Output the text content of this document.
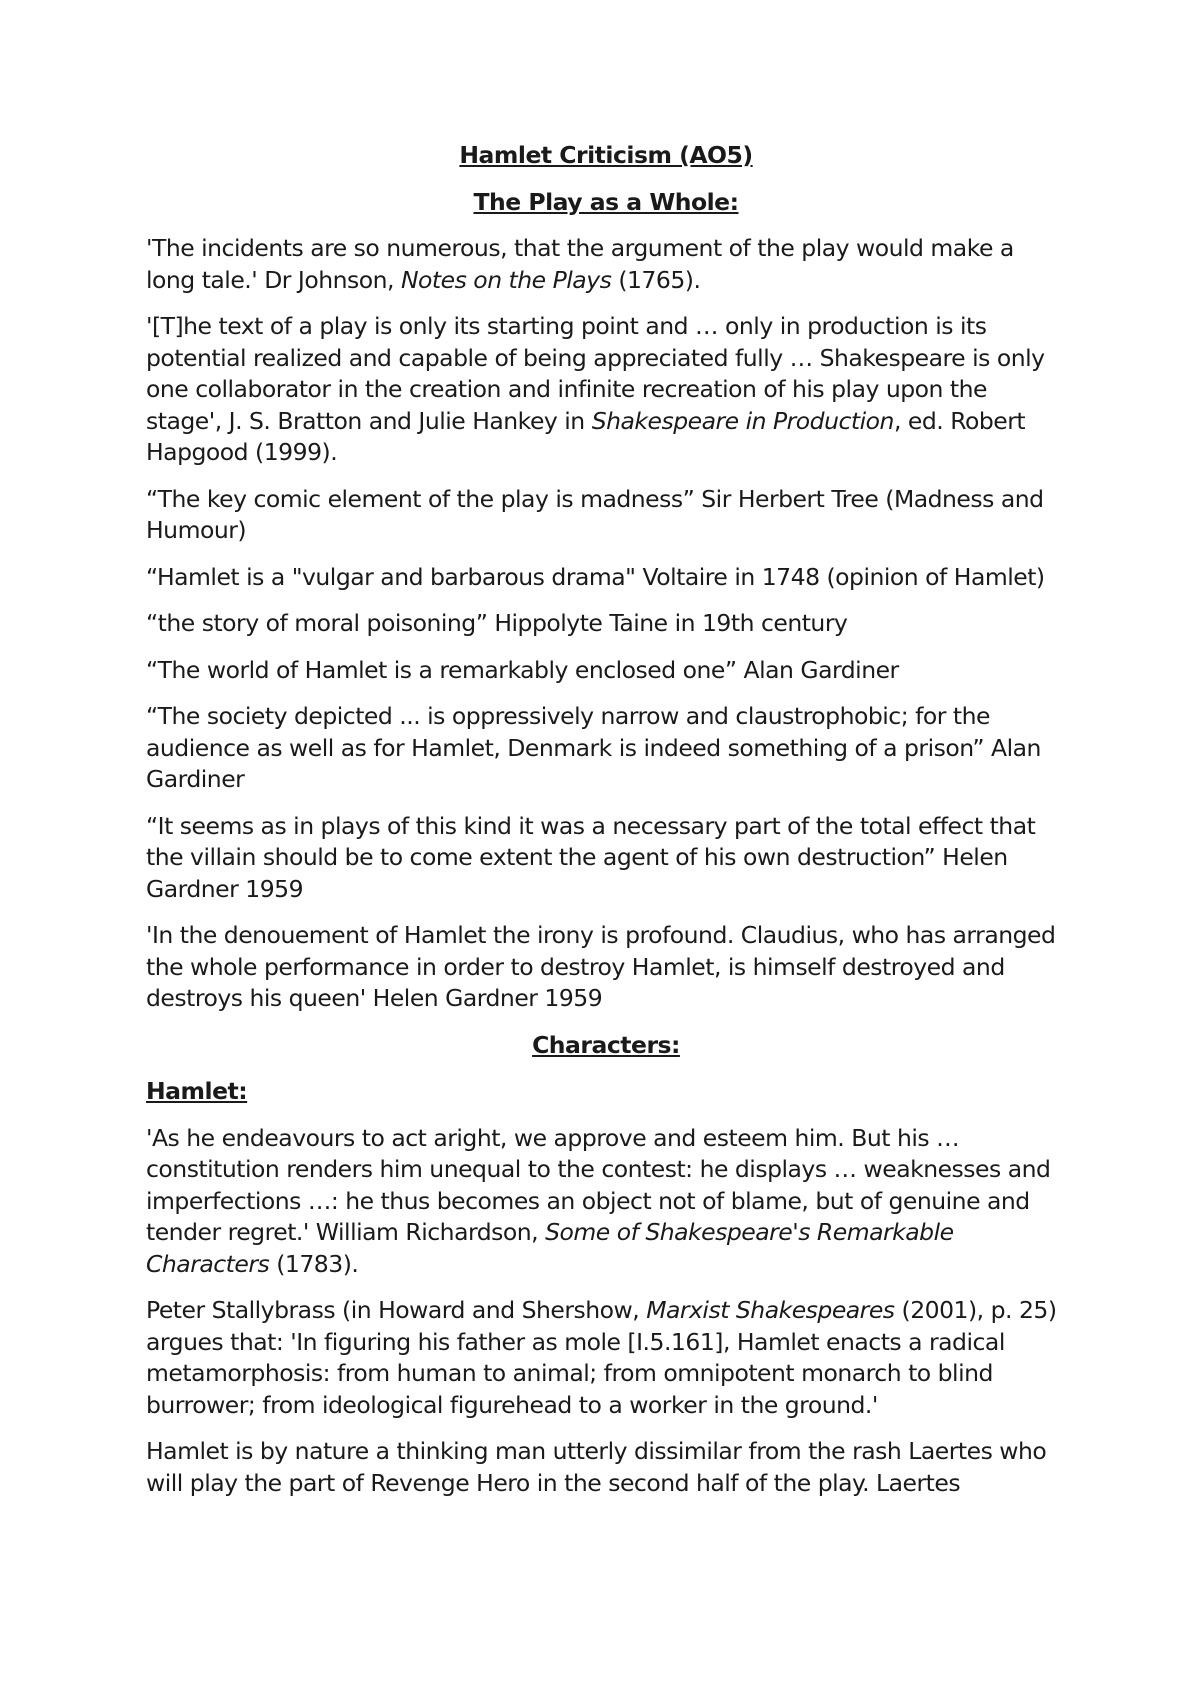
Hamlet Criticism (AO5)
The Play as a Whole:

'The incidents are so numerous, that the argument of the play would make a long tale.' Dr Johnson, Notes on the Plays (1765).

'[T]he text of a play is only its starting point and … only in production is its potential realized and capable of being appreciated fully … Shakespeare is only one collaborator in the creation and infinite recreation of his play upon the stage', J. S. Bratton and Julie Hankey in Shakespeare in Production, ed. Robert Hapgood (1999).

“The key comic element of the play is madness” Sir Herbert Tree (Madness and Humour)

“Hamlet is a "vulgar and barbarous drama" Voltaire in 1748 (opinion of Hamlet)

“the story of moral poisoning” Hippolyte Taine in 19th century

“The world of Hamlet is a remarkably enclosed one” Alan Gardiner

“The society depicted ... is oppressively narrow and claustrophobic; for the audience as well as for Hamlet, Denmark is indeed something of a prison” Alan Gardiner

“It seems as in plays of this kind it was a necessary part of the total effect that the villain should be to come extent the agent of his own destruction” Helen Gardner 1959

'In the denouement of Hamlet the irony is profound. Claudius, who has arranged the whole performance in order to destroy Hamlet, is himself destroyed and destroys his queen' Helen Gardner 1959

Characters:
Hamlet:

'As he endeavours to act aright, we approve and esteem him. But his … constitution renders him unequal to the contest: he displays … weaknesses and imperfections …: he thus becomes an object not of blame, but of genuine and tender regret.' William Richardson, Some of Shakespeare's Remarkable Characters (1783).

Peter Stallybrass (in Howard and Shershow, Marxist Shakespeares (2001), p. 25) argues that: 'In figuring his father as mole [I.5.161], Hamlet enacts a radical metamorphosis: from human to animal; from omnipotent monarch to blind burrower; from ideological figurehead to a worker in the ground.'

Hamlet is by nature a thinking man utterly dissimilar from the rash Laertes who will play the part of Revenge Hero in the second half of the play. Laertes
